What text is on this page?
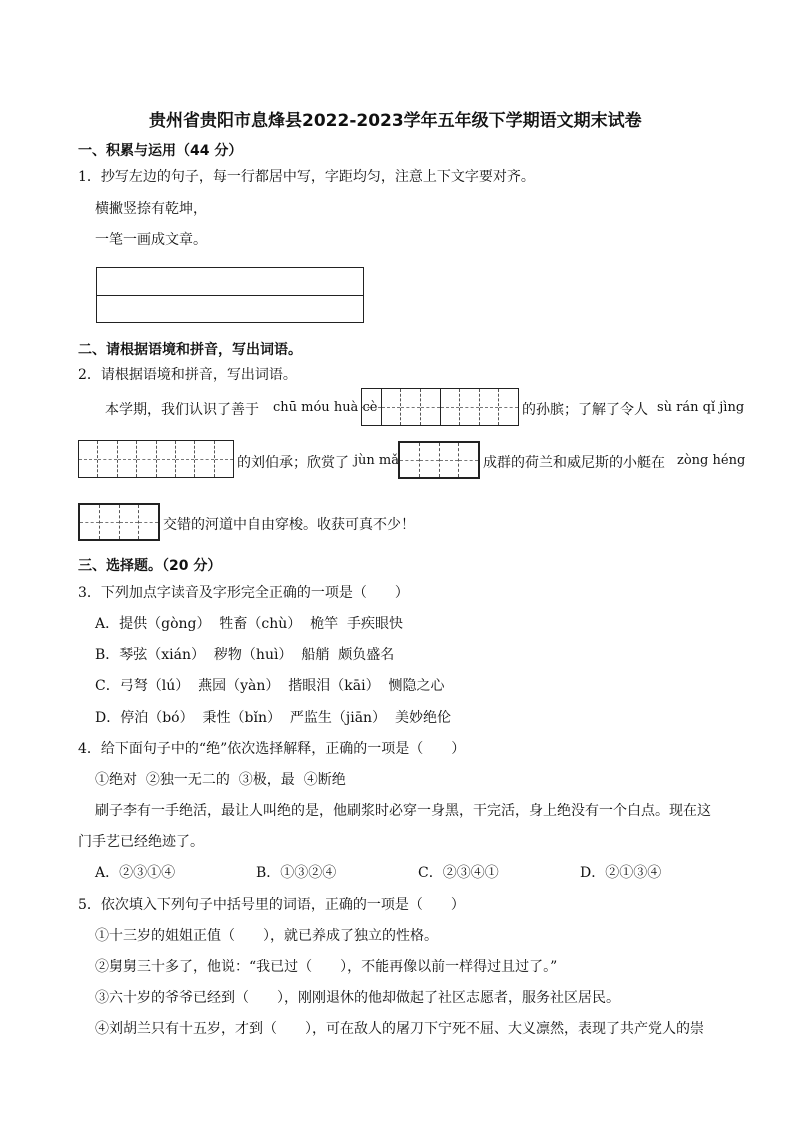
贵州省贵阳市息烽县2022-2023学年五年级下学期语文期末试卷
一、积累与运用（44 分）
1．抄写左边的句子，每一行都居中写，字距均匀，注意上下文字要对齐。
横撇竖捺有乾坤，
一笔一画成文章。
二、请根据语境和拼音，写出词语。
2．请根据语境和拼音，写出词语。
本学期，我们认识了善于 chū móu huà cè	的孙膑；了解了令人 sù rán qǐ jìng
的刘伯承；欣赏了 jùn mǎ	成群的荷兰和威尼斯的小艇在 zòng héng
交错的河道中自由穿梭。收获可真不少！
三、选择题。（20 分）
3．下列加点字读音及字形完全正确的一项是（　　）
A．提供（gòng）  牲畜（chù）  桅竿  手疾眼快
B．琴弦（xián）  秽物（huì）  船艄  颇负盛名
C．弓弩（lú）  燕园（yàn）  揩眼泪（kāi）  恻隐之心
D．停泊（bó）  秉性（bǐn）  严监生（jiān）  美妙绝伦
4．给下面句子中的“绝”依次选择解释，正确的一项是（　　）
①绝对  ②独一无二的  ③极，最  ④断绝
刷子李有一手绝活，最让人叫绝的是，他刷浆时必穿一身黑，干完活，身上绝没有一个白点。现在这
门手艺已经绝迹了。
A．②③①④	B．①③②④	C．②③④①	D．②①③④
5．依次填入下列句子中括号里的词语，正确的一项是（　　）
①十三岁的姐姐正值（　　），就已养成了独立的性格。
②舅舅三十多了，他说：“我已过（　　），不能再像以前一样得过且过了。”
③六十岁的爷爷已经到（　　），刚刚退休的他却做起了社区志愿者，服务社区居民。
④刘胡兰只有十五岁，才到（　　），可在敌人的屠刀下宁死不屈、大义凛然，表现了共产党人的崇
